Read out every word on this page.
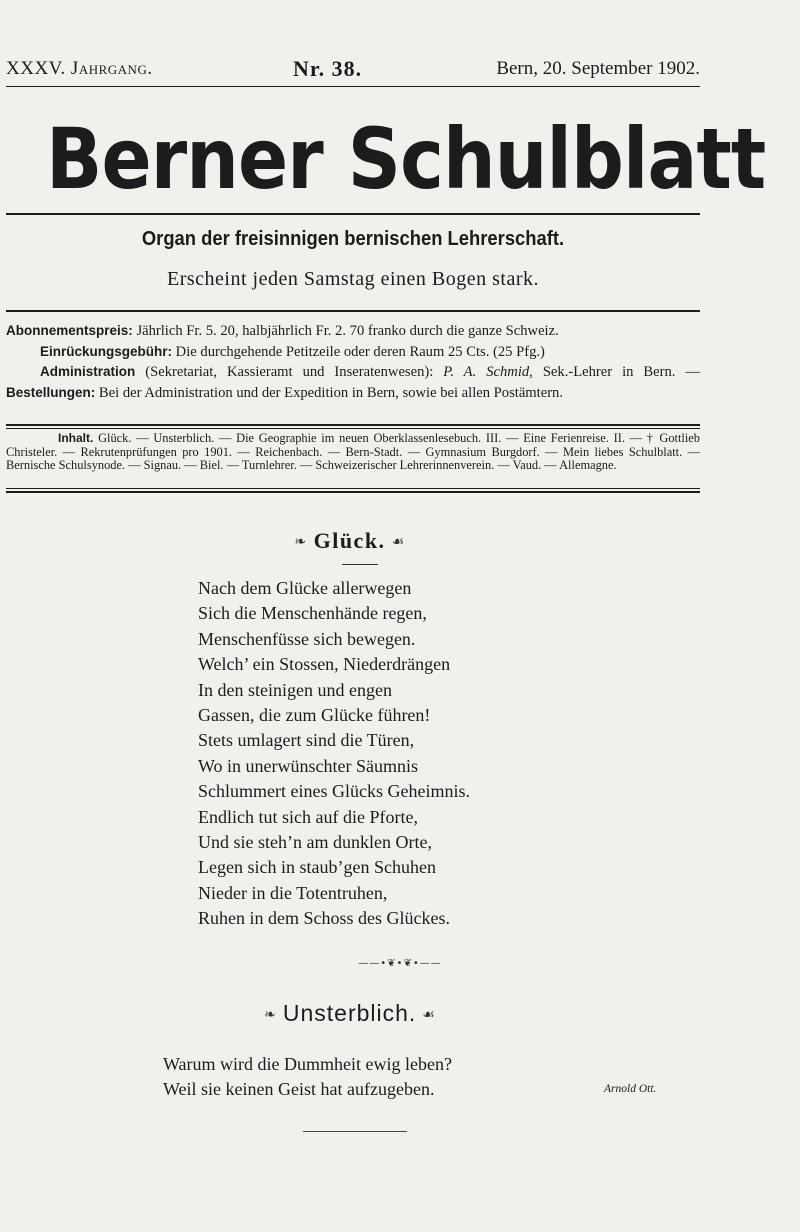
XXXV. Jahrgang.	Nr. 38.	Bern, 20. September 1902.
Berner Schulblatt
Organ der freisinnigen bernischen Lehrerschaft.
Erscheint jeden Samstag einen Bogen stark.

Abonnementspreis: Jährlich Fr. 5. 20, halbjährlich Fr. 2. 70 franko durch die ganze Schweiz.

Einrückungsgebühr: Die durchgehende Petitzeile oder deren Raum 25 Cts. (25 Pfg.)

Administration (Sekretariat, Kassieramt und Inseratenwesen): P. A. Schmid, Sek.-Lehrer in Bern. — Bestellungen: Bei der Administration und der Expedition in Bern, sowie bei allen Postämtern.

Inhalt. Glück. — Unsterblich. — Die Geographie im neuen Oberklassenlesebuch. III. — Eine Ferienreise. II. — † Gottlieb Christeler. — Rekrutenprüfungen pro 1901. — Reichenbach. — Bern-Stadt. — Gymnasium Burgdorf. — Mein liebes Schulblatt. — Bernische Schulsynode. — Signau. — Biel. — Turnlehrer. — Schweizerischer Lehrerinnenverein. — Vaud. — Allemagne.

❧ Glück. ☙
Nach dem Glücke allerwegen
Sich die Menschenhände regen,
Menschenfüsse sich bewegen.
Welch’ ein Stossen, Niederdrängen
In den steinigen und engen
Gassen, die zum Glücke führen!
Stets umlagert sind die Türen,
Wo in unerwünschter Säumnis
Schlummert eines Glücks Geheimnis.
Endlich tut sich auf die Pforte,
Und sie steh’n am dunklen Orte,
Legen sich in staub’gen Schuhen
Nieder in die Totentruhen,
Ruhen in dem Schoss des Glückes.
——•❦•❦•——
❧ Unsterblich. ☙
Warum wird die Dummheit ewig leben?
Weil sie keinen Geist hat aufzugeben.	Arnold Ott.
